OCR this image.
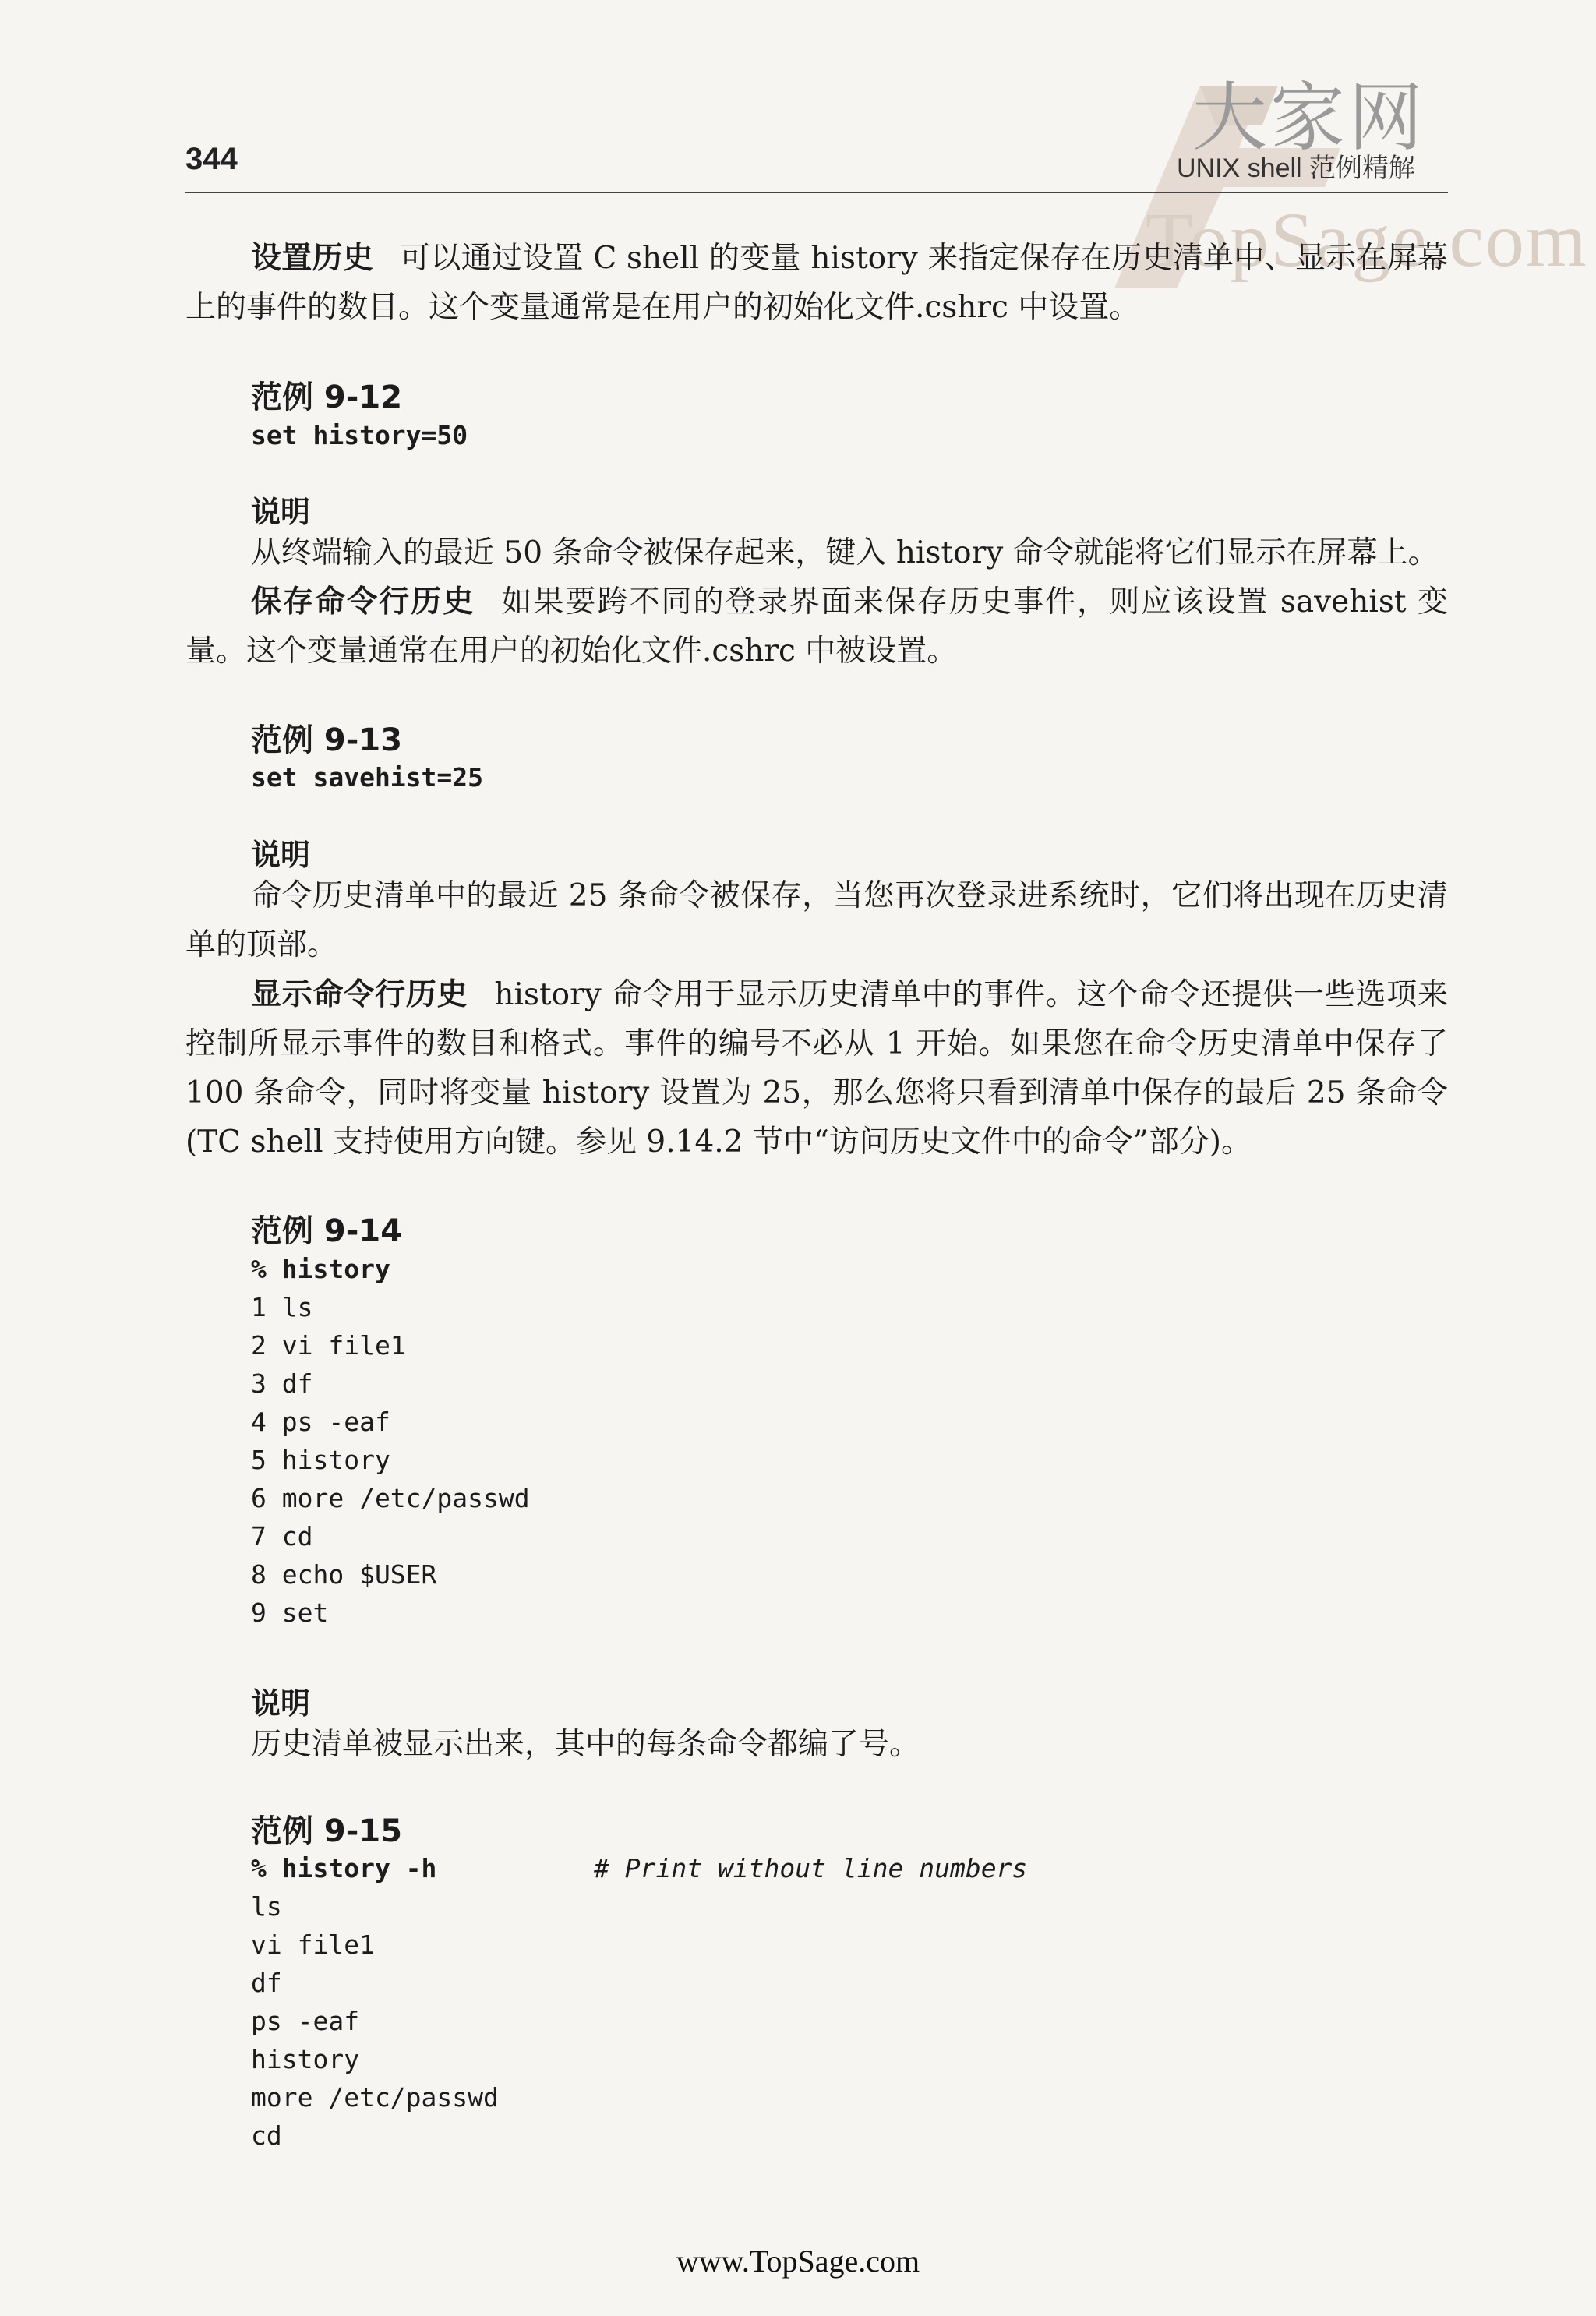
大家网
TopSage.com
344	UNIX shell 范例精解

设置历史 可以通过设置 C shell 的变量 history 来指定保存在历史清单中、显示在屏幕上的事件的数目。这个变量通常是在用户的初始化文件.cshrc 中设置。

范例 9-12
set history=50
说明

从终端输入的最近 50 条命令被保存起来，键入 history 命令就能将它们显示在屏幕上。

保存命令行历史 如果要跨不同的登录界面来保存历史事件，则应该设置 savehist 变量。这个变量通常在用户的初始化文件.cshrc 中被设置。

范例 9-13
set savehist=25
说明

命令历史清单中的最近 25 条命令被保存，当您再次登录进系统时，它们将出现在历史清单的顶部。

显示命令行历史 history 命令用于显示历史清单中的事件。这个命令还提供一些选项来控制所显示事件的数目和格式。事件的编号不必从 1 开始。如果您在命令历史清单中保存了 100 条命令，同时将变量 history 设置为 25，那么您将只看到清单中保存的最后 25 条命令(TC shell 支持使用方向键。参见 9.14.2 节中“访问历史文件中的命令”部分)。

范例 9-14
% history
1 ls
2 vi file1
3 df
4 ps -eaf
5 history
6 more /etc/passwd
7 cd
8 echo $USER
9 set
说明

历史清单被显示出来，其中的每条命令都编了号。

范例 9-15
% history -h	# Print without line numbers

ls
vi file1
df
ps -eaf
history
more /etc/passwd
cd
www.TopSage.com
